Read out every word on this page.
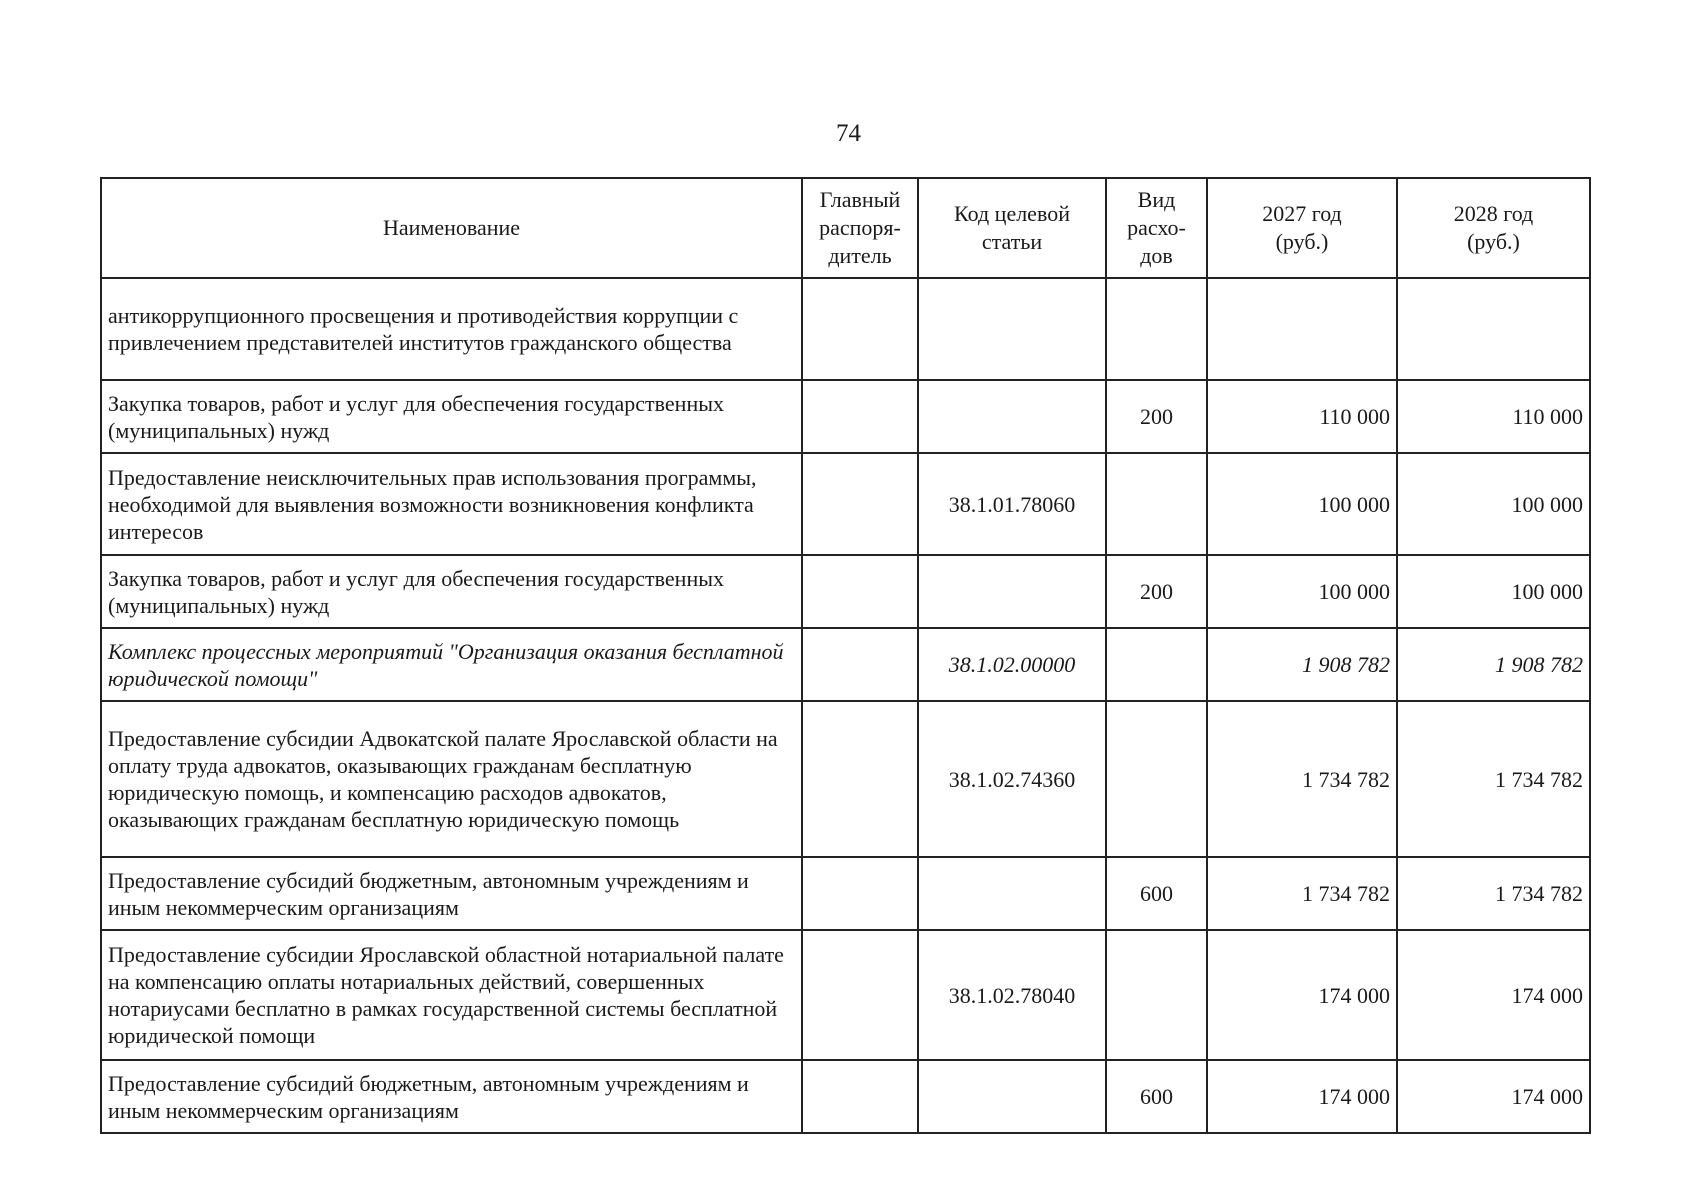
74
Наименование	Главный
распоря-
дитель	Код целевой
статьи	Вид
расхо-
дов	2027 год
(руб.)	2028 год
(руб.)
антикоррупционного просвещения и противодействия коррупции с привлечением представителей институтов гражданского общества					
Закупка товаров, работ и услуг для обеспечения государственных (муниципальных) нужд			200	110 000	110 000
Предоставление неисключительных прав использования программы, необходимой для выявления возможности возникновения конфликта интересов		38.1.01.78060		100 000	100 000
Закупка товаров, работ и услуг для обеспечения государственных (муниципальных) нужд			200	100 000	100 000
Комплекс процессных мероприятий "Организация оказания бесплатной юридической помощи"		38.1.02.00000		1 908 782	1 908 782
Предоставление субсидии Адвокатской палате Ярославской области на оплату труда адвокатов, оказывающих гражданам бесплатную юридическую помощь, и компенсацию расходов адвокатов, оказывающих гражданам бесплатную юридическую помощь		38.1.02.74360		1 734 782	1 734 782
Предоставление субсидий бюджетным, автономным учреждениям и иным некоммерческим организациям			600	1 734 782	1 734 782
Предоставление субсидии Ярославской областной нотариальной палате на компенсацию оплаты нотариальных действий, совершенных нотариусами бесплатно в рамках государственной системы бесплатной юридической помощи		38.1.02.78040		174 000	174 000
Предоставление субсидий бюджетным, автономным учреждениям и иным некоммерческим организациям			600	174 000	174 000
